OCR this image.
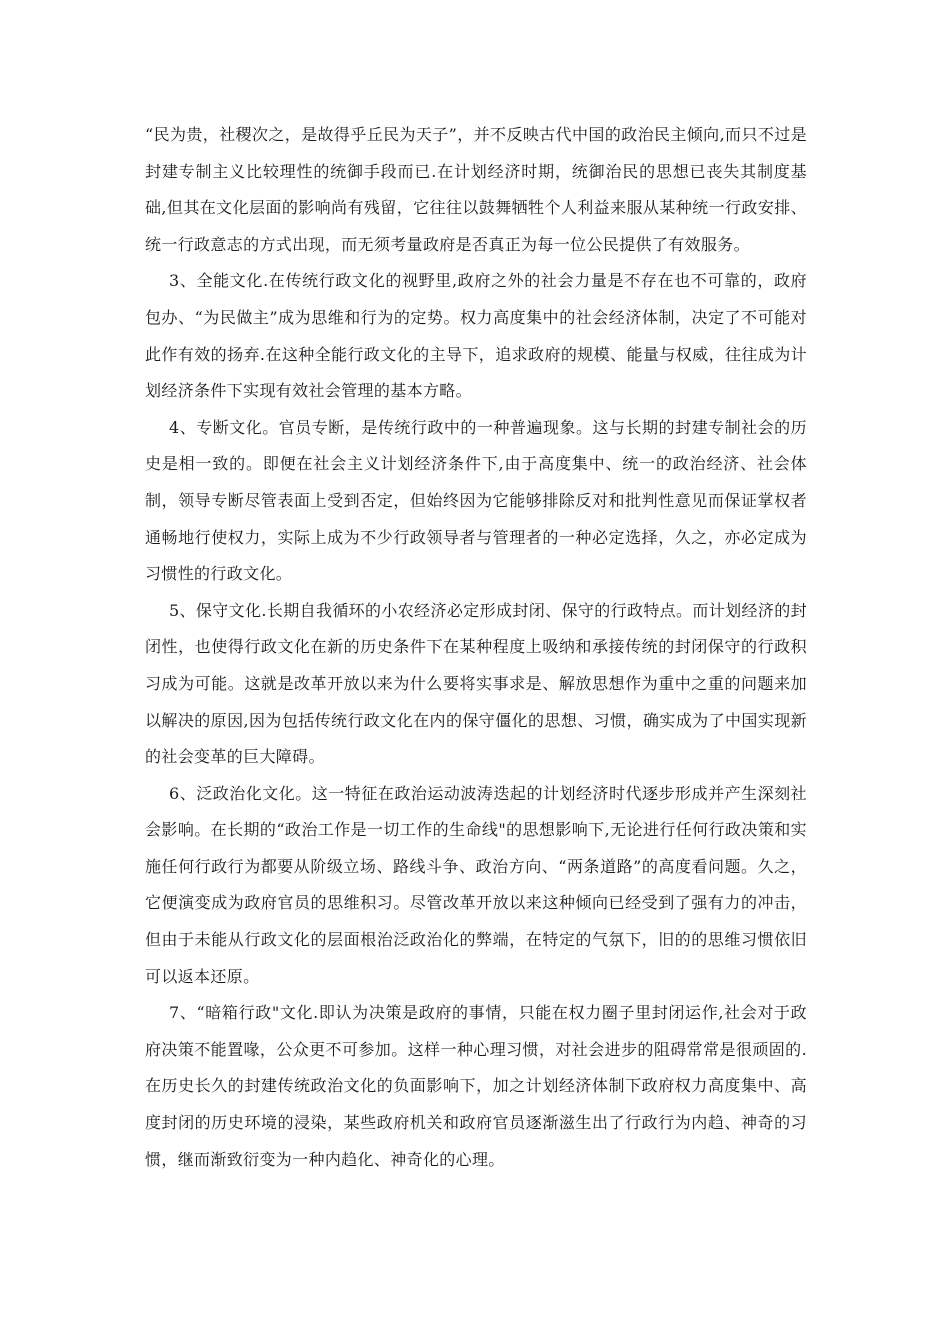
“民为贵，社稷次之，是故得乎丘民为天子”，并不反映古代中国的政治民主倾向,而只不过是封建专制主义比较理性的统御手段而已.在计划经济时期，统御治民的思想已丧失其制度基础,但其在文化层面的影响尚有残留，它往往以鼓舞牺牲个人利益来服从某种统一行政安排、统一行政意志的方式出现，而无须考量政府是否真正为每一位公民提供了有效服务。

3、全能文化.在传统行政文化的视野里,政府之外的社会力量是不存在也不可靠的，政府包办、“为民做主”成为思维和行为的定势。权力高度集中的社会经济体制，决定了不可能对此作有效的扬弃.在这种全能行政文化的主导下，追求政府的规模、能量与权威，往往成为计划经济条件下实现有效社会管理的基本方略。

4、专断文化。官员专断，是传统行政中的一种普遍现象。这与长期的封建专制社会的历史是相一致的。即便在社会主义计划经济条件下,由于高度集中、统一的政治经济、社会体制，领导专断尽管表面上受到否定，但始终因为它能够排除反对和批判性意见而保证掌权者通畅地行使权力，实际上成为不少行政领导者与管理者的一种必定选择，久之，亦必定成为习惯性的行政文化。

5、保守文化.长期自我循环的小农经济必定形成封闭、保守的行政特点。而计划经济的封闭性，也使得行政文化在新的历史条件下在某种程度上吸纳和承接传统的封闭保守的行政积习成为可能。这就是改革开放以来为什么要将实事求是、解放思想作为重中之重的问题来加以解决的原因,因为包括传统行政文化在内的保守僵化的思想、习惯，确实成为了中国实现新的社会变革的巨大障碍。

6、泛政治化文化。这一特征在政治运动波涛迭起的计划经济时代逐步形成并产生深刻社会影响。在长期的“政治工作是一切工作的生命线"的思想影响下,无论进行任何行政决策和实施任何行政行为都要从阶级立场、路线斗争、政治方向、“两条道路”的高度看问题。久之，它便演变成为政府官员的思维积习。尽管改革开放以来这种倾向已经受到了强有力的冲击，但由于未能从行政文化的层面根治泛政治化的弊端，在特定的气氛下，旧的的思维习惯依旧可以返本还原。

7、“暗箱行政"文化.即认为决策是政府的事情，只能在权力圈子里封闭运作,社会对于政府决策不能置喙，公众更不可参加。这样一种心理习惯，对社会进步的阻碍常常是很顽固的.在历史长久的封建传统政治文化的负面影响下，加之计划经济体制下政府权力高度集中、高度封闭的历史环境的浸染，某些政府机关和政府官员逐渐滋生出了行政行为内趋、神奇的习惯，继而渐致衍变为一种内趋化、神奇化的心理。
